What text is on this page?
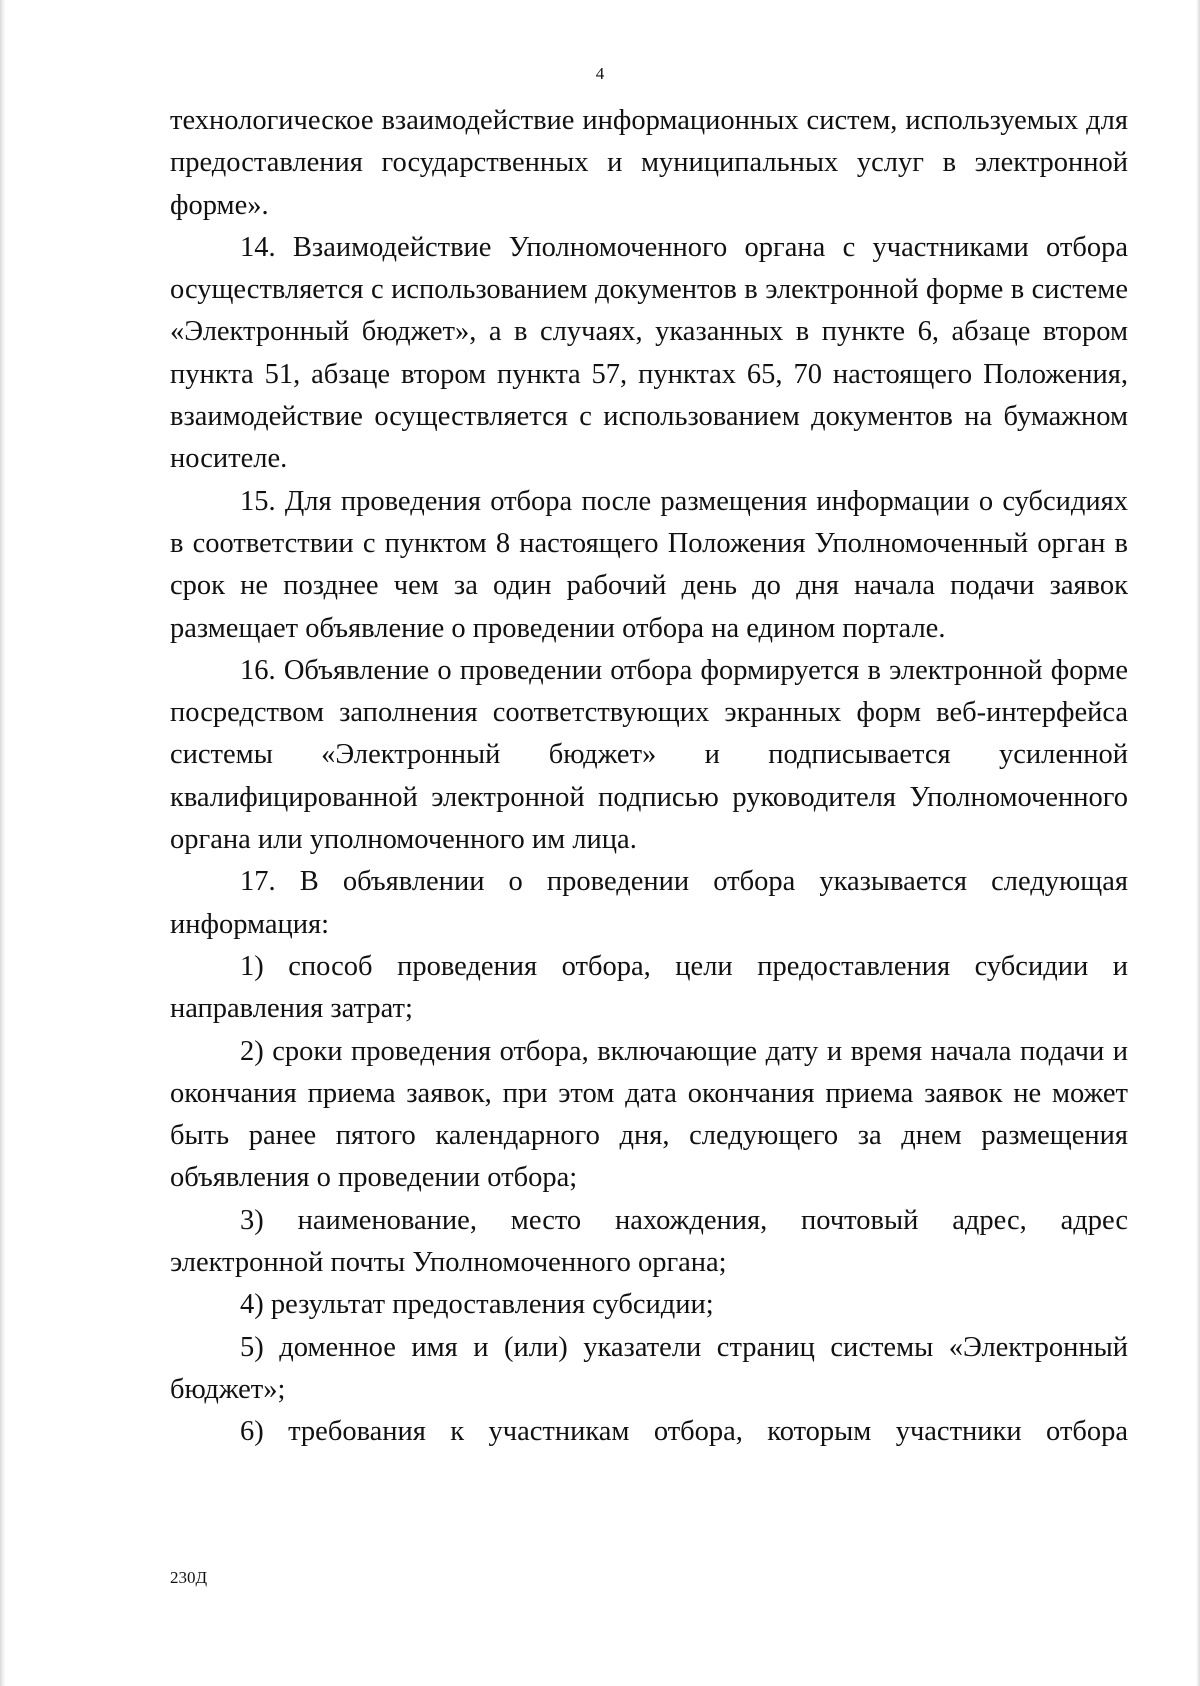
4

технологическое взаимодействие информационных систем, используемых для предоставления государственных и муниципальных услуг в электронной форме».

14. Взаимодействие Уполномоченного органа с участниками отбора осуществляется с использованием документов в электронной форме в системе «Электронный бюджет», а в случаях, указанных в пункте 6, абзаце втором пункта 51, абзаце втором пункта 57, пунктах 65, 70 настоящего Положения, взаимодействие осуществляется с использованием документов на бумажном носителе.

15. Для проведения отбора после размещения информации о субсидиях в соответствии с пунктом 8 настоящего Положения Уполномоченный орган в срок не позднее чем за один рабочий день до дня начала подачи заявок размещает объявление о проведении отбора на едином портале.

16. Объявление о проведении отбора формируется в электронной форме посредством заполнения соответствующих экранных форм веб-интерфейса системы «Электронный бюджет» и подписывается усиленной квалифицированной электронной подписью руководителя Уполномоченного органа или уполномоченного им лица.

17. В объявлении о проведении отбора указывается следующая информация:

1) способ проведения отбора, цели предоставления субсидии и направления затрат;

2) сроки проведения отбора, включающие дату и время начала подачи и окончания приема заявок, при этом дата окончания приема заявок не может быть ранее пятого календарного дня, следующего за днем размещения объявления о проведении отбора;

3) наименование, место нахождения, почтовый адрес, адрес электронной почты Уполномоченного органа;

4) результат предоставления субсидии;

5) доменное имя и (или) указатели страниц системы «Электронный бюджет»;

6) требования к участникам отбора, которым участники отбора

230Д
